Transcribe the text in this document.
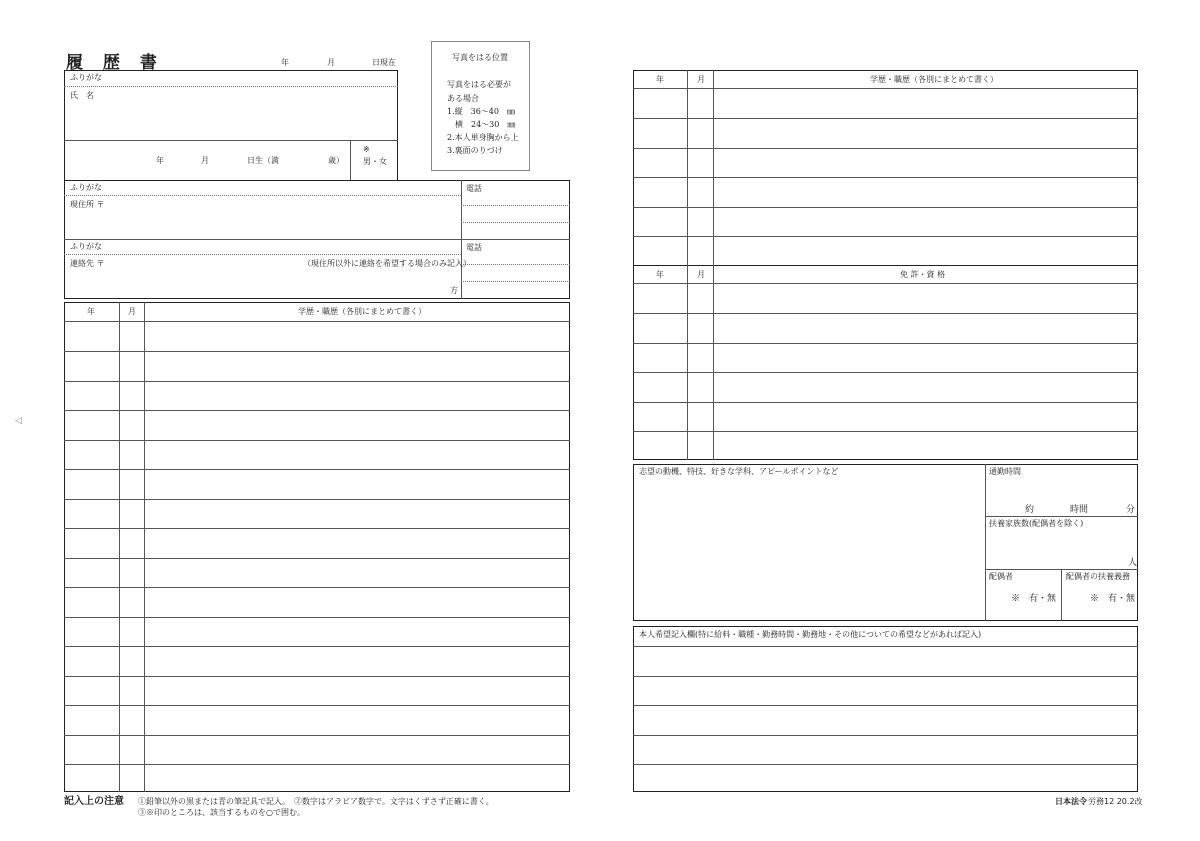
履 歴 書	年	月	日現在
写真をはる位置
写真をはる必要が
ある場合
1.縦　36～40　㎜
横　24～30　㎜
2.本人単身胸から上
3.裏面のりづけ
ふりがな
氏　名
年	月	日生（満	歳）
※
男・女
ふりがな
現住所 〒
電話
ふりがな
連絡先 〒	（現住所以外に連絡を希望する場合のみ記入）
電話
方
年	月	学歴・職歴（各別にまとめて書く）
記入上の注意 ①鉛筆以外の黒または青の筆記具で記入。　②数字はアラビア数字で。文字はくずさず正確に書く。
③※印のところは、該当するものを○で囲む。
◁
年	月	学歴・職歴（各別にまとめて書く）
年	月	免 許・資 格
志望の動機、特技、好きな学科、アピールポイントなど	通勤時間
約	時間	分
扶養家族数(配偶者を除く)
人
配偶者
※　有・無
配偶者の扶養義務
※　有・無
本人希望記入欄(特に給料・職種・勤務時間・勤務地・その他についての希望などがあれば記入)
日本法令 労務12 20.2改
